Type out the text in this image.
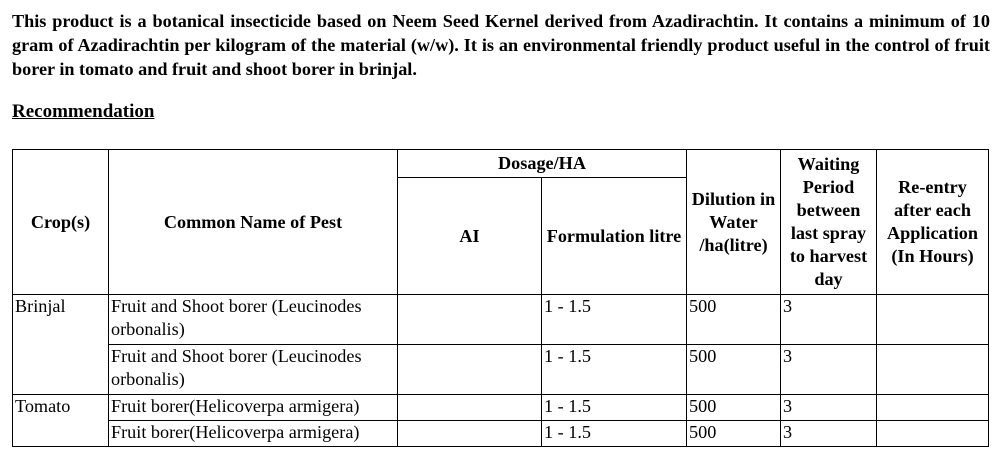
This product is a botanical insecticide based on Neem Seed Kernel derived from Azadirachtin. It contains a minimum of 10 gram of Azadirachtin per kilogram of the material (w/w). It is an environmental friendly product useful in the control of fruit borer in tomato and fruit and shoot borer in brinjal.

Recommendation

Crop(s)	Common Name of Pest	Dosage/HA		Dilution in Water /ha(litre)	Waiting Period between last spray to harvest day	Re-entry after each Application (In Hours)
		AI	Formulation litre			
Brinjal	Fruit and Shoot borer (Leucinodes orbonalis)		1 - 1.5	500	3	
	Fruit and Shoot borer (Leucinodes orbonalis)		1 - 1.5	500	3	
Tomato	Fruit borer(Helicoverpa armigera)		1 - 1.5	500	3	
	Fruit borer(Helicoverpa armigera)		1 - 1.5	500	3	
